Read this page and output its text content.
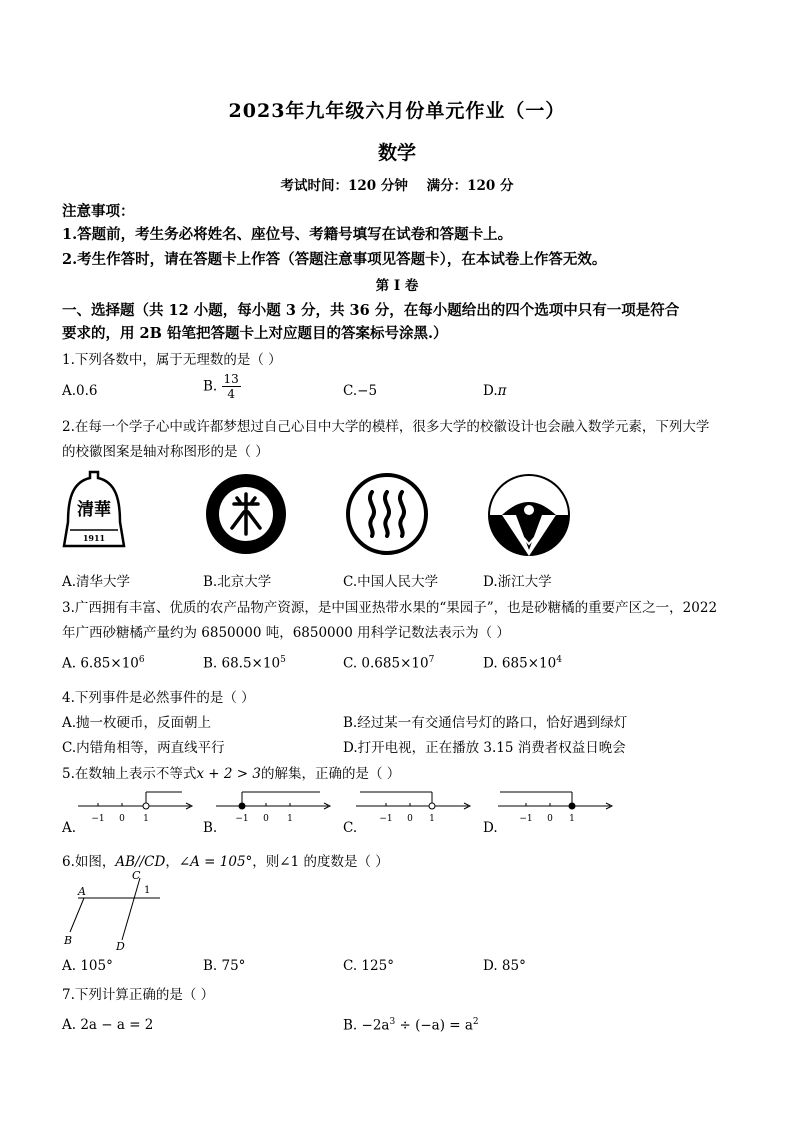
2023年九年级六月份单元作业（一）
数学
考试时间：120 分钟    满分：120 分
注意事项：
1.答题前，考生务必将姓名、座位号、考籍号填写在试卷和答题卡上。
2.考生作答时，请在答题卡上作答（答题注意事项见答题卡），在本试卷上作答无效。
第 I 卷
一、选择题（共 12 小题，每小题 3 分，共 36 分，在每小题给出的四个选项中只有一项是符合
要求的，用 2B 铅笔把答题卡上对应题目的答案标号涂黑.）
1.下列各数中，属于无理数的是（ ）
A.0.6	B. $\frac{13}{4}$	C.−5	D.π
2.在每一个学子心中或许都梦想过自己心目中大学的模样，很多大学的校徽设计也会融入数学元素，下列大学
的校徽图案是轴对称图形的是（ ）
清華
1911
A.清华大学	B.北京大学	C.中国人民大学	D.浙江大学
3.广西拥有丰富、优质的农产品物产资源，是中国亚热带水果的“果园子”，也是砂糖橘的重要产区之一，2022
年广西砂糖橘产量约为 6850000 吨，6850000 用科学记数法表示为（ ）
A. $6.85\times 10^6$	B. $68.5\times 10^5$	C. $0.685\times 10^7$	D. $685\times 10^4$
4.下列事件是必然事件的是（ ）
A.抛一枚硬币，反面朝上	B.经过某一有交通信号灯的路口，恰好遇到绿灯
C.内错角相等，两直线平行	D.打开电视，正在播放 3.15 消费者权益日晚会
5.在数轴上表示不等式x + 2 > 3的解集，正确的是（ ）
A.	B.	C.	D.
−1 0 1	−1 0 1	−1 0 1	−1 0 1
6.如图，AB//CD，∠A = 105°，则∠1 的度数是（ ）
A
B
C
D
1
A. 105°	B. 75°	C. 125°	D. 85°
7.下列计算正确的是（ ）
A. 2a − a = 2	B. $-2a^3 \div (-a) = a^2$
